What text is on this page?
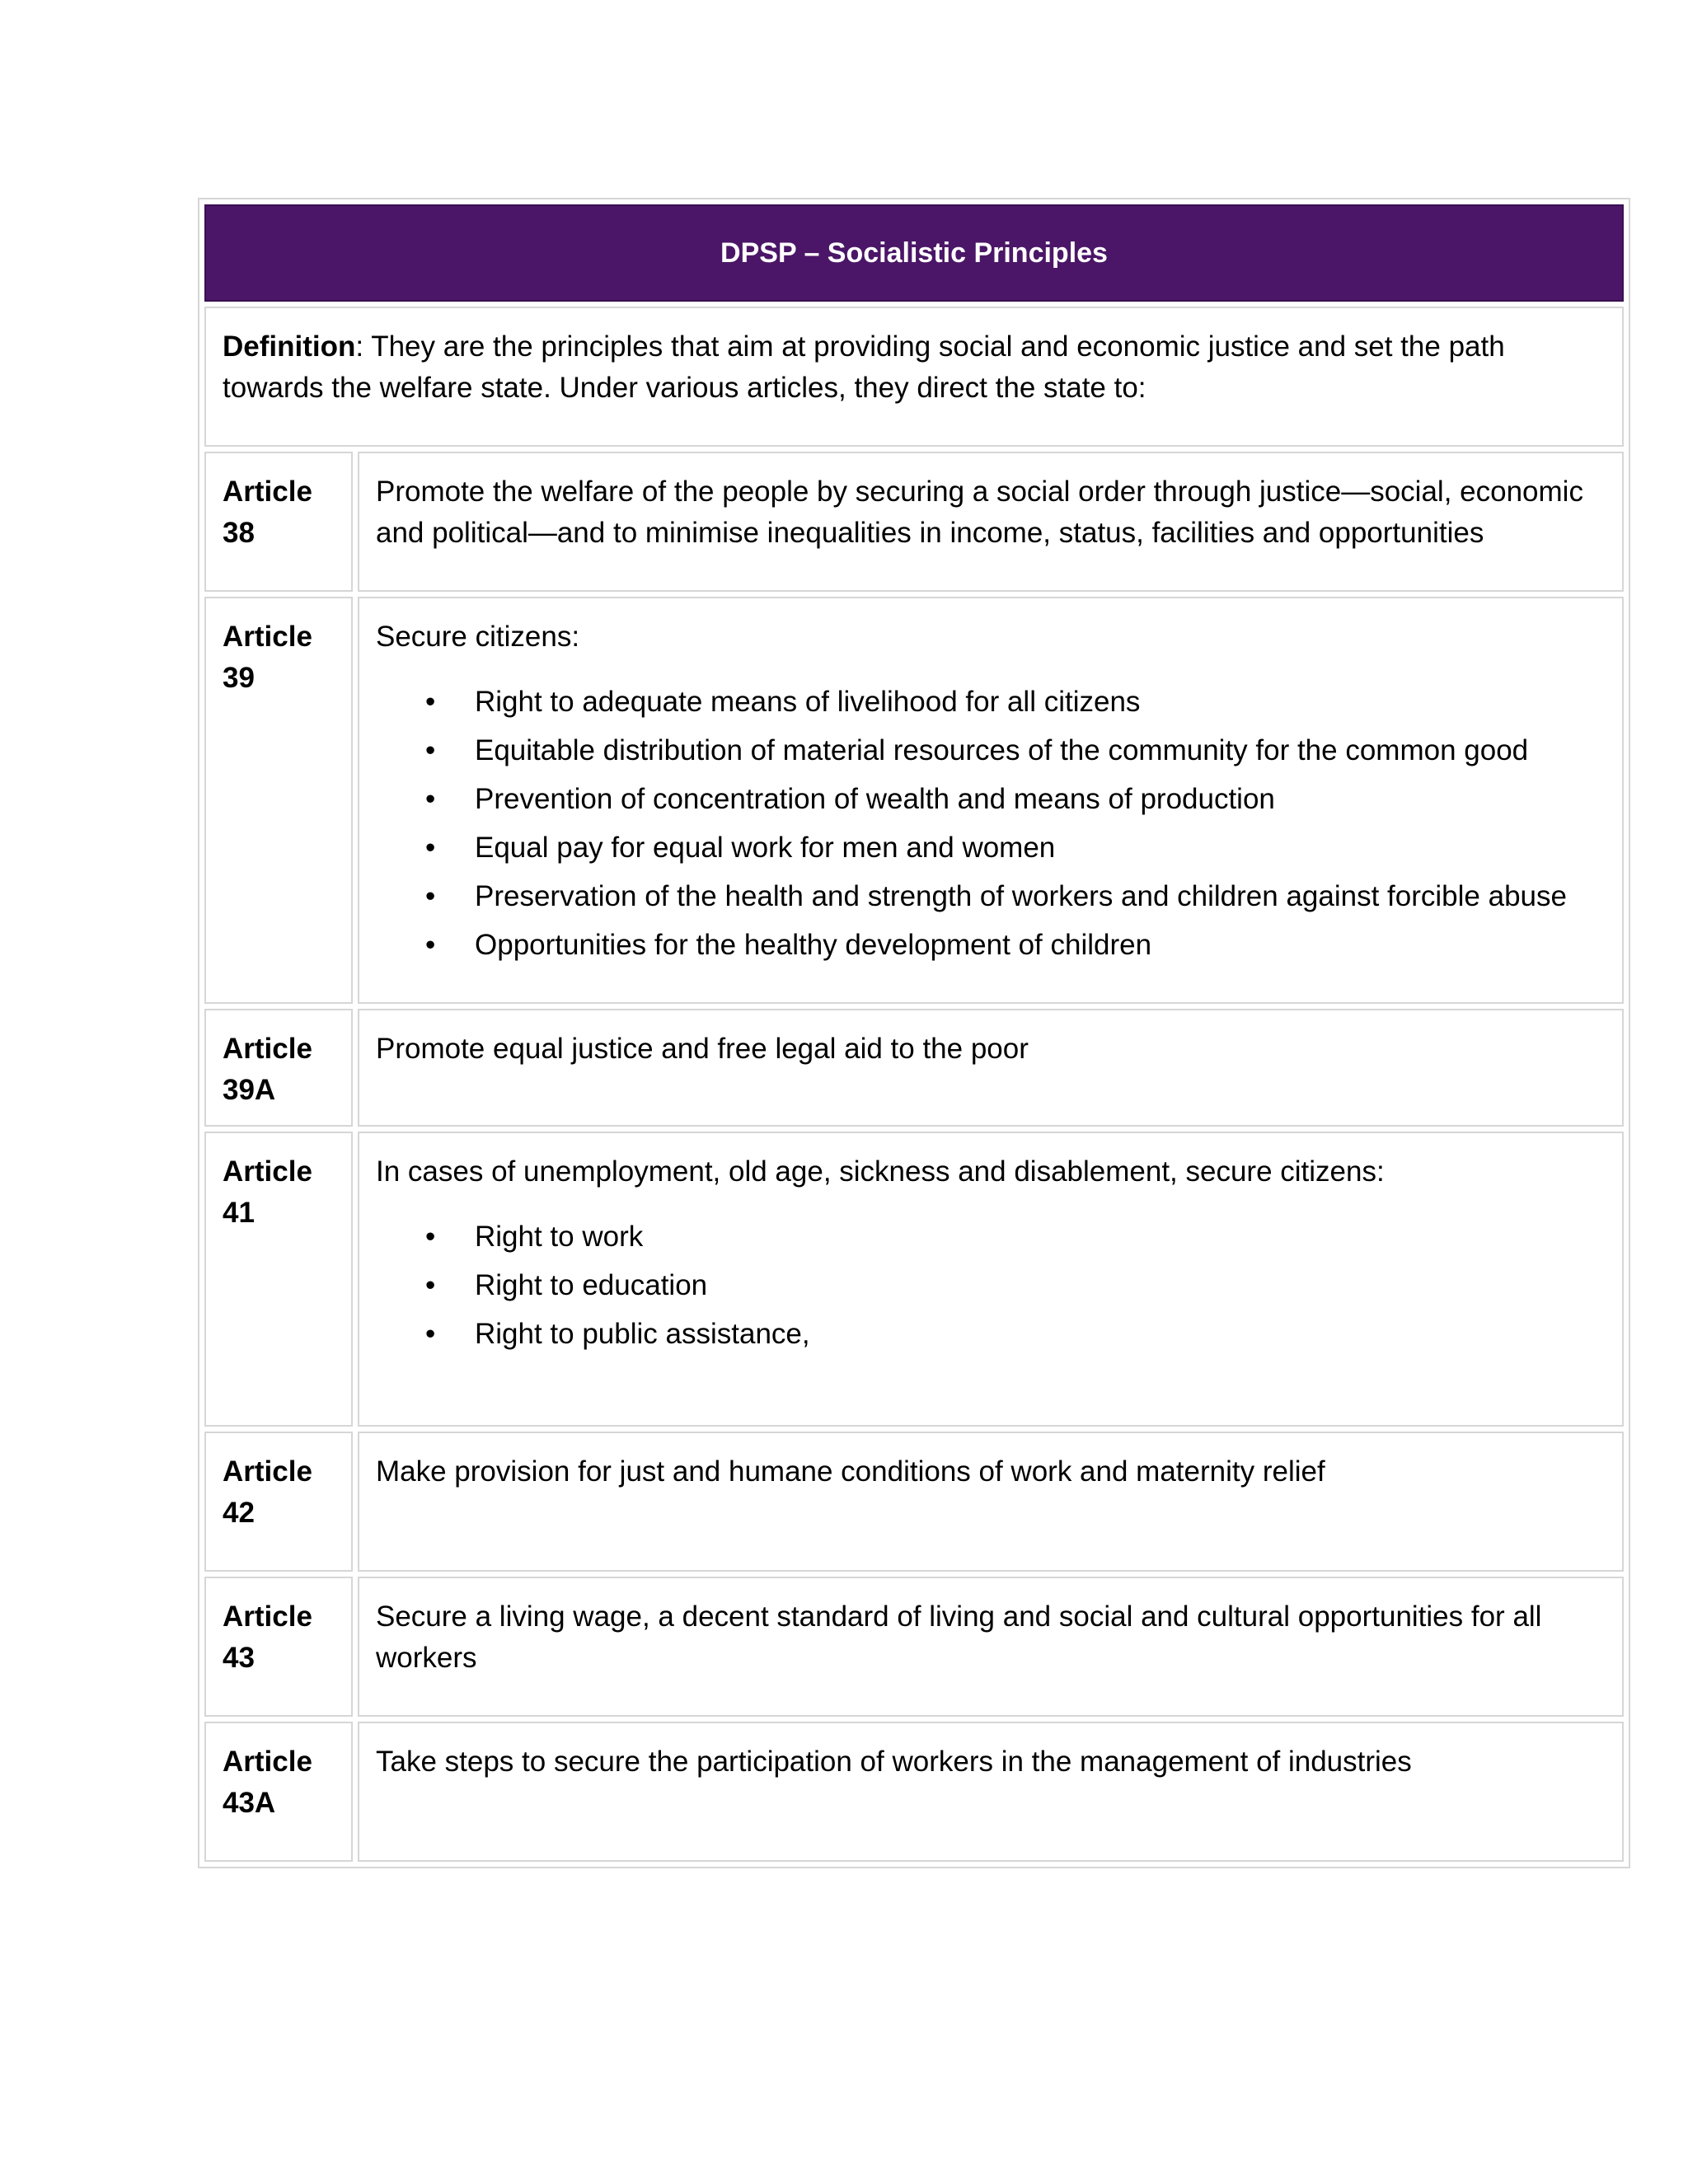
DPSP – Socialistic Principles
Definition: They are the principles that aim at providing social and economic justice and set the path towards the welfare state. Under various articles, they direct the state to:
Article
38
Promote the welfare of the people by securing a social order through justice—social, economic and political—and to minimise inequalities in income, status, facilities and opportunities
Article
39
Secure citizens:
• Right to adequate means of livelihood for all citizens
• Equitable distribution of material resources of the community for the common good
• Prevention of concentration of wealth and means of production
• Equal pay for equal work for men and women
• Preservation of the health and strength of workers and children against forcible abuse
• Opportunities for the healthy development of children
Article
39A
Promote equal justice and free legal aid to the poor
Article
41
In cases of unemployment, old age, sickness and disablement, secure citizens:
• Right to work
• Right to education
• Right to public assistance,
Article
42
Make provision for just and humane conditions of work and maternity relief
Article
43
Secure a living wage, a decent standard of living and social and cultural opportunities for all workers
Article
43A
Take steps to secure the participation of workers in the management of industries
